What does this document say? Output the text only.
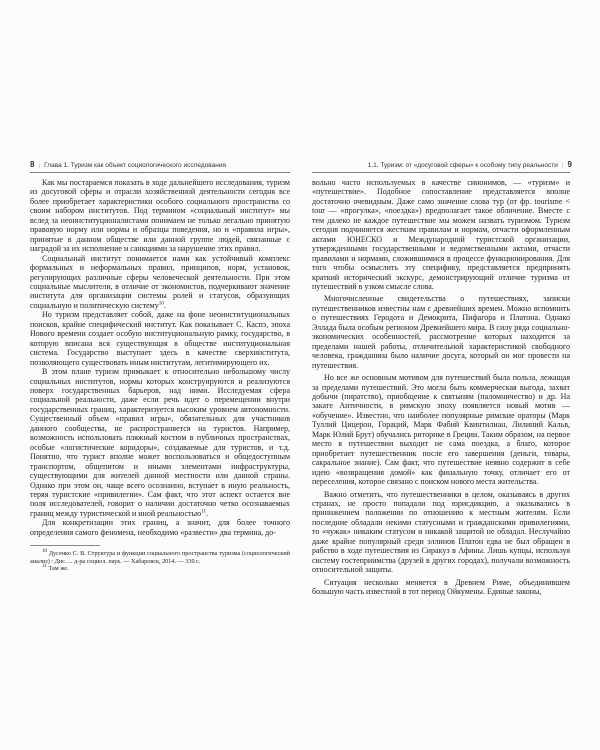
8 | Глава 1. Туризм как объект социологического исследования	1.1. Туризм: от «досуговой сферы» к особому типу реальности | 9

Как мы постараемся показать в ходе дальнейшего исследования, туризм из досуговой сферы и отрасли хозяйственной деятельности сегодня все более приобретает характеристики особого социального пространства со своим набором институтов. Под термином «социальный институт» мы вслед за неоинституционалистами понимаем не только легально принятую правовую норму или нормы и образцы поведения, но и «правила игры», принятые в данном обществе или данной группе людей, связанные с наградой за их исполнение и санкциями за нарушение этих правил.

Социальный институт понимается нами как устойчивый комплекс формальных и неформальных правил, принципов, норм, установок, регулирующих различные сферы человеческой деятельности. При этом социальные мыслители, в отличие от экономистов, подчеркивают значение института для организации системы ролей и статусов, образующих социальную и политическую систему$^{10}$.

Но туризм представляет собой, даже на фоне неоинституциональных поисков, крайне специфический институт. Как показывает С. Каспэ, эпоха Нового времени создает особую институциональную рамку, государство, в которую вписана вся существующая в обществе институциональная система. Государство выступает здесь в качестве сверхинститута, позволяющего существовать иным институтам, легитимирующего их.

В этом плане туризм примыкает к относительно небольшому числу социальных институтов, нормы которых конструируются и реализуются поверх государственных барьеров, над ними. Исследуемая сфера социальной реальности, даже если речь идет о перемещении внутри государственных границ, характеризуется высоким уровнем автономности. Существенный объем «правил игры», обязательных для участников данного сообщества, не распространяется на туристов. Например, возможность использовать пляжный костюм в публичных пространствах, особые «логистические коридоры», создаваемые для туристов, и т.д. Понятно, что турист вполне может воспользоваться и общедоступным транспортом, общепитом и иными элементами инфраструктуры, существующими для жителей данной местности или данной страны. Однако при этом он, чаще всего осознанно, вступает в иную реальность, теряя туристские «привилегии». Сам факт, что этот аспект остается вне поля исследователей, говорит о наличии достаточно четко осознаваемых границ между туристической и иной реальностью$^{11}$.

Для конкретизации этих границ, а значит, для более точного определения самого феномена, необходимо «развести» два термина, до-

$^{10}$ Дусенко С. В. Структура и функции социального пространства туризма (социологический анализ) : Дис. ... д-ра социол. наук. — Хабаровск, 2014. — 330 с.

$^{11}$ Там же.

вольно часто используемых в качестве синонимов, — «туризм» и «путешествие». Подобное сопоставление представляется вполне достаточно очевидным. Даже само значение слова тур (от фр. tourisme < tour — «прогулка», «поездка») предполагает такое обличение. Вместе с тем далеко не каждое путешествие мы можем назвать туризмом. Туризм сегодня подчиняется жестким правилам и нормам, отчасти оформленным актами ЮНЕСКО и Международной туристской организации, утвержденными государственными и ведомственными актами, отчасти правилами и нормами, сложившимися в процессе функционирования. Для того чтобы осмыслить эту специфику, представляется предпринять краткий исторический экскурс, демонстрирующий отличие туризма от путешествий в узком смысле слова.

Многочисленные свидетельства о путешествиях, записки путешественников известны нам с древнейших времен. Можно вспомнить о путешествиях Геродота и Демокрита, Пифагора и Платона. Однако Эллада была особым регионом Древнейшего мира. В силу ряда социально-экономических особенностей, рассмотрение которых находится за пределами нашей работы, отличительной характеристикой свободного человека, гражданина было наличие досуга, который он мог провести на путешествия.

Но все же основным мотивом для путешествий была польза, лежащая за пределами путешествий. Это могла быть коммерческая выгода, захват добычи (пиратство), приобщение к святыням (паломничество) и др. На закате Античности, в римскую эпоху появляется новый мотив — «обучение». Известно, что наиболее популярные римские ораторы (Марк Туллий Цицерон, Гораций, Марк Фабий Квинтилиан, Лилиний Кальв, Марк Юлий Брут) обучались риторике в Греции. Таким образом, на первое место в путешествии выходит не сама поездка, а благо, которое приобретает путешественник после его завершения (деньги, товары, сакральное знание). Сам факт, что путешествие неявно содержит в себе идею «возвращения домой» как финальную точку, отличает его от переселения, которое связано с поиском нового места жительства.

Важно отметить, что путешественники в целом, оказываясь в других странах, не просто попадали под юрисдикцию, а оказывались в принижением положении по отношению к местным жителям. Если последние обладали некими статусными и гражданскими привилегиями, то «чужак» никаким статусом и никакой защитой не обладал. Неслучайно даже крайне популярный среди эллинов Платон едва не был обращен в рабство в ходе путешествия из Сиракуз в Афины. Лишь купцы, используя систему гостеприимства (друзей в других городах), получали возможность относительной защиты.

Ситуация несколько меняется в Древнем Риме, объединившем большую часть известной в тот период Ойкумены. Единые законы,
